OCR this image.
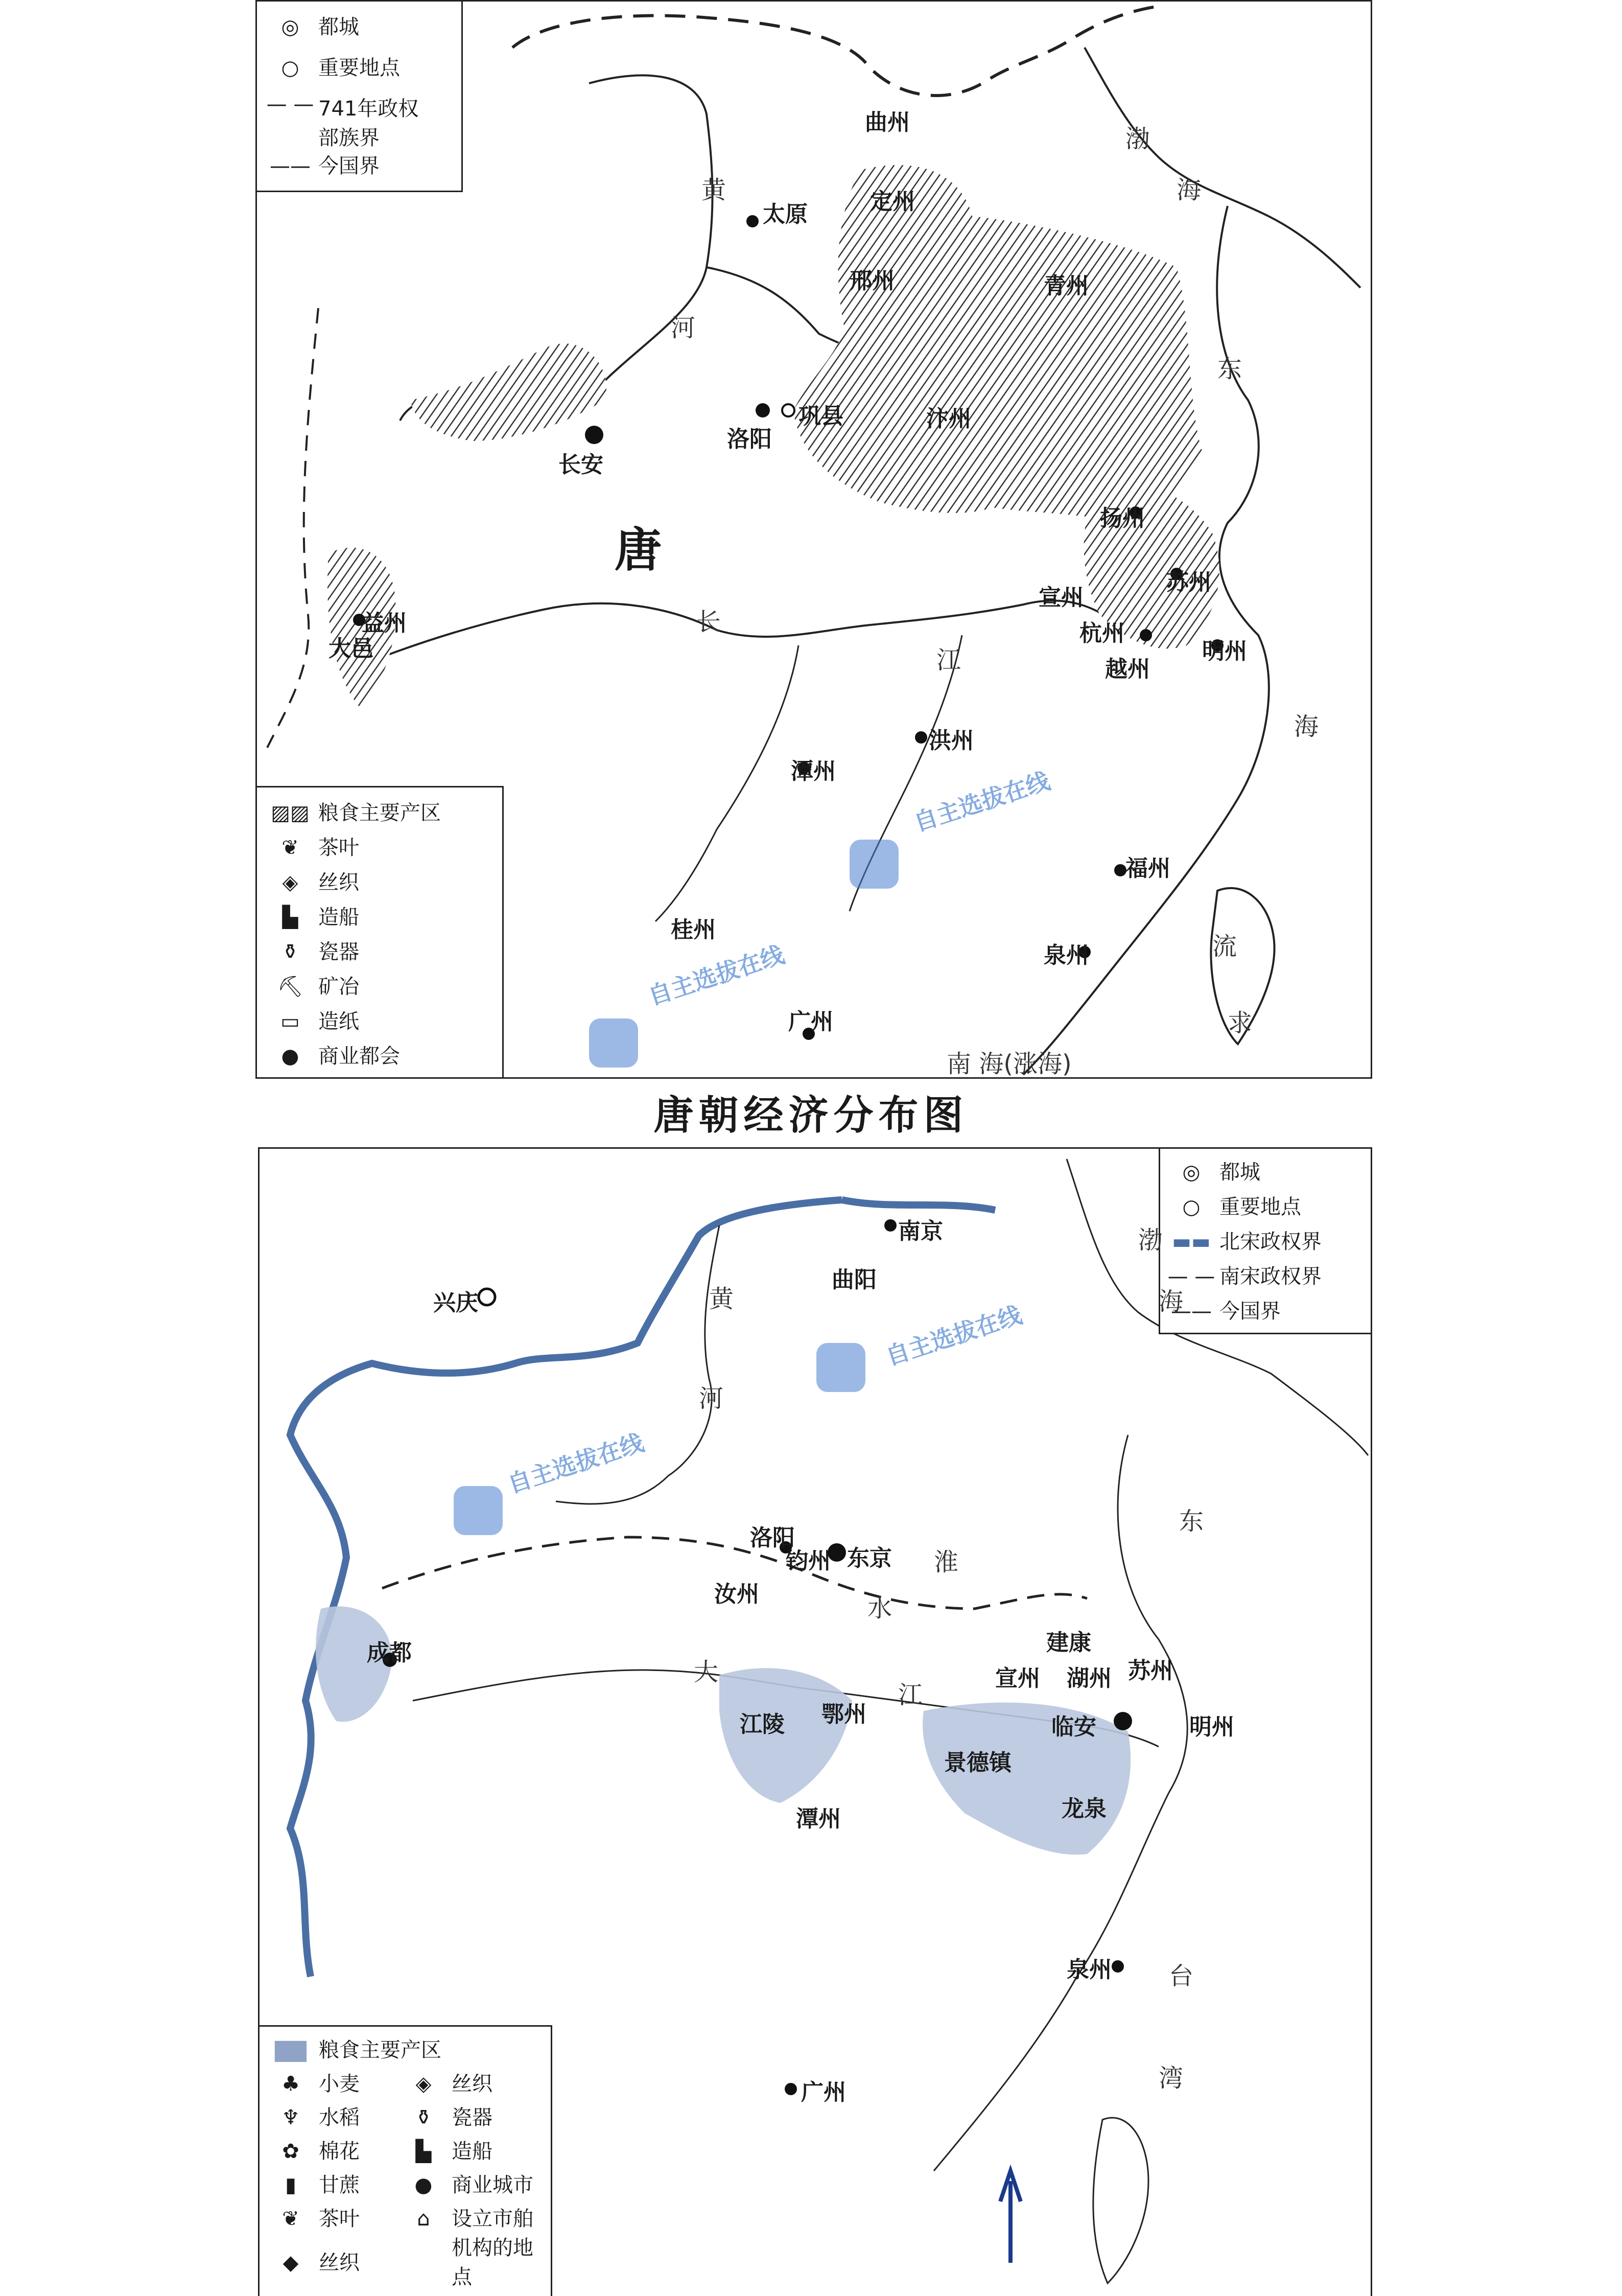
◎ 都城
○ 重要地点
— — 741年政权部族界
—— 今国界
▨▨ 粮食主要产区
❦ 茶叶
◈ 丝织
▙ 造船
⚱ 瓷器
⛏ 矿冶
▭ 造纸
● 商业都会
曲州
太原	定州
邢州	青州
长安
洛阳
巩县	汴州
扬州
苏州
宣州
杭州
越州
明州
益州
大邑
潭州
洪州
福州
泉州
桂州
广州
唐
渤
海
黄
河
东
海
长
江
流
求
南 海(涨海)
自主选拔在线
自主选拔在线
唐朝经济分布图
◎ 都城
○ 重要地点
▬▬ 北宋政权界
— — 南宋政权界
—— 今国界
▇▇ 粮食主要产区
♣ 小麦	◈ 丝织
♆ 水稻	⚱ 瓷器
✿ 棉花	▙ 造船
▮ 甘蔗	● 商业城市
❦ 茶叶	⌂ 设立市舶机构的地点
◆ 丝织
南京
曲阳
兴庆
洛阳
钧州 东京
汝州
成都	建康
宣州 湖州 苏州
江陵 鄂州	临安	明州
景德镇
潭州	龙泉
泉州
广州
渤
海
黄
河
东
大
江
淮
水
台
湾
自主选拔在线
自主选拔在线
